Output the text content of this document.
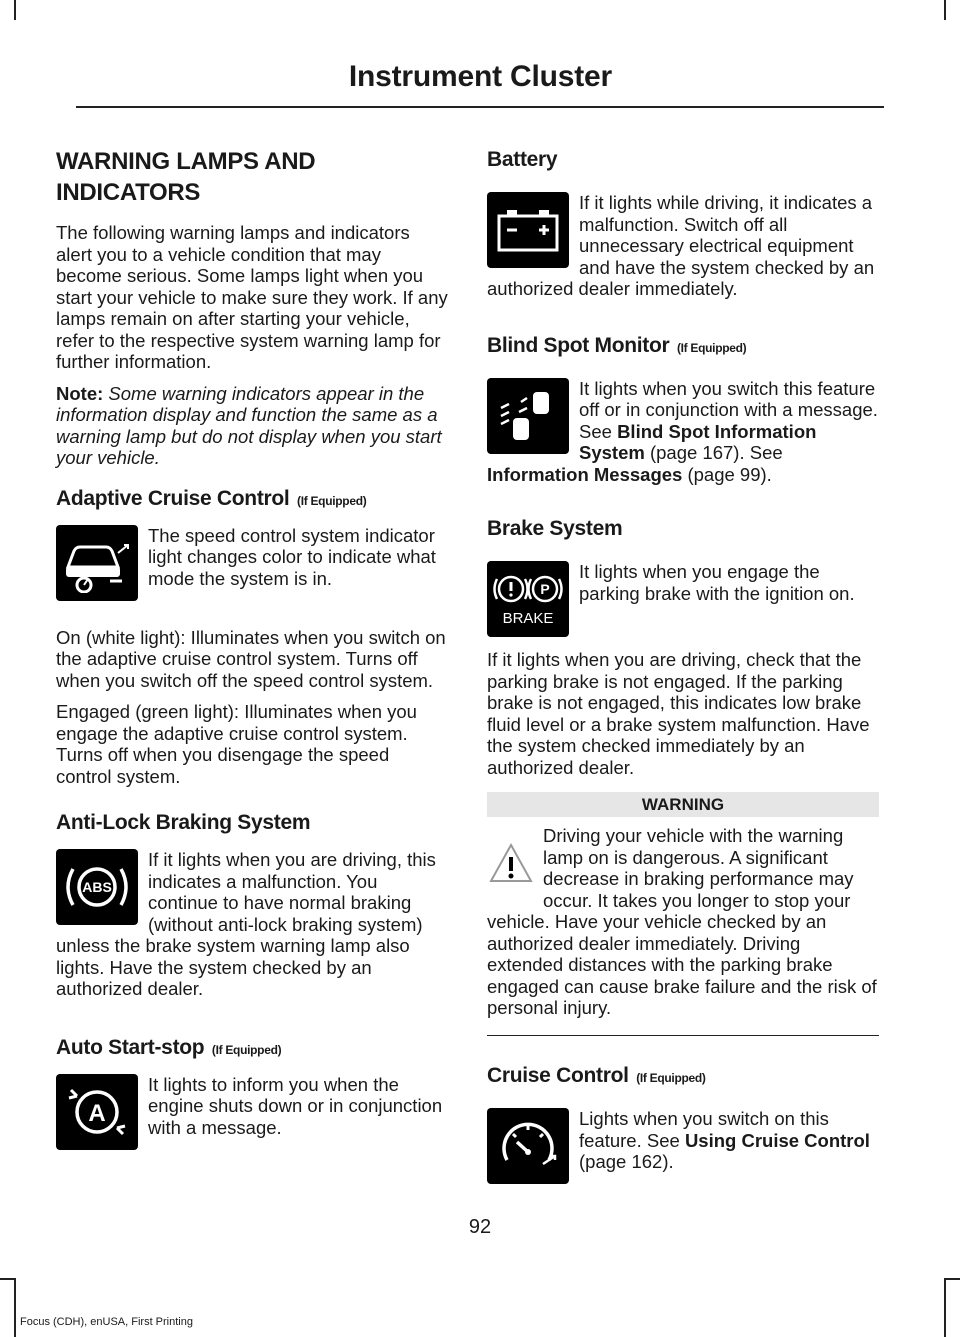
Instrument Cluster
WARNING LAMPS AND INDICATORS

The following warning lamps and indicators alert you to a vehicle condition that may become serious. Some lamps light when you start your vehicle to make sure they work. If any lamps remain on after starting your vehicle, refer to the respective system warning lamp for further information.

Note: Some warning indicators appear in the information display and function the same as a warning lamp but do not display when you start your vehicle.

Adaptive Cruise Control (If Equipped)

The speed control system indicator light changes color to indicate what mode the system is in.

On (white light): Illuminates when you switch on the adaptive cruise control system. Turns off when you switch off the speed control system.

Engaged (green light): Illuminates when you engage the adaptive cruise control system. Turns off when you disengage the speed control system.

Anti-Lock Braking System
ABS

If it lights when you are driving, this indicates a malfunction. You continue to have normal braking (without anti-lock braking system) unless the brake system warning lamp also lights. Have the system checked by an authorized dealer.

Auto Start-stop (If Equipped)
A

It lights to inform you when the engine shuts down or in conjunction with a message.

Battery

If it lights while driving, it indicates a malfunction. Switch off all unnecessary electrical equipment and have the system checked by an authorized dealer immediately.

Blind Spot Monitor (If Equipped)

It lights when you switch this feature off or in conjunction with a message. See Blind Spot Information System (page 167). See Information Messages (page 99).

Brake System
P
BRAKE

It lights when you engage the parking brake with the ignition on.

If it lights when you are driving, check that the parking brake is not engaged. If the parking brake is not engaged, this indicates low brake fluid level or a brake system malfunction. Have the system checked immediately by an authorized dealer.

WARNING

Driving your vehicle with the warning lamp on is dangerous. A significant decrease in braking performance may occur. It takes you longer to stop your vehicle. Have your vehicle checked by an authorized dealer immediately. Driving extended distances with the parking brake engaged can cause brake failure and the risk of personal injury.

Cruise Control (If Equipped)

Lights when you switch on this feature. See Using Cruise Control (page 162).

92
Focus (CDH), enUSA, First Printing
